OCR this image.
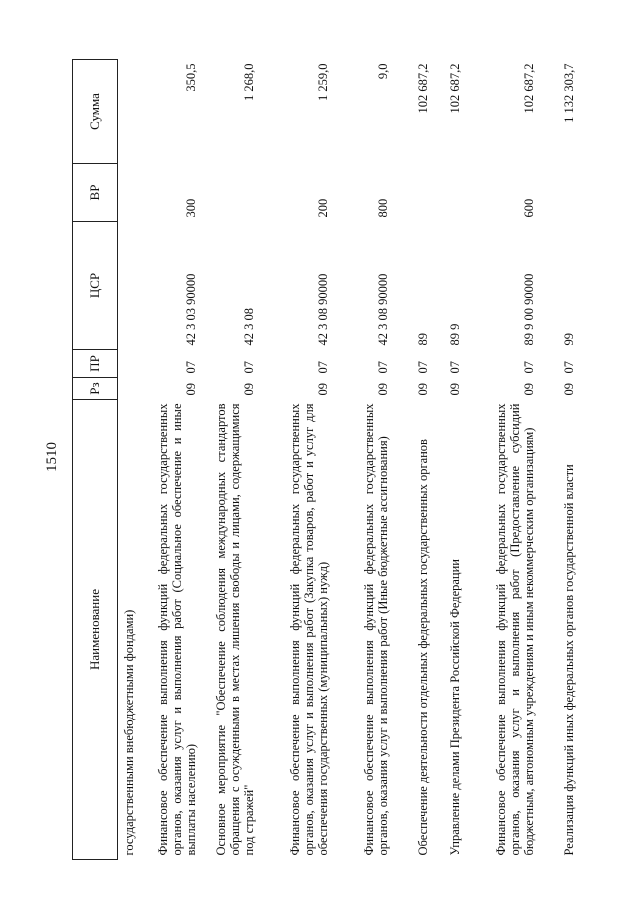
1510
Наименование	Рз	ПР	ЦСР	ВР	Сумма
государственными внебюджетными фондами)					
Финансовое обеспечение выполнения функций федеральных государственных органов, оказания услуг и выполнения работ (Социальное обеспечение и иные выплаты населению)	09	07	42 3 03 90000	300	350,5
Основное мероприятие "Обеспечение соблюдения международных стандартов обращения с осужденными в местах лишения свободы и лицами, содержащимися под стражей"	09	07	42 3 08		1 268,0
Финансовое обеспечение выполнения функций федеральных государственных органов, оказания услуг и выполнения работ (Закупка товаров, работ и услуг для обеспечения государственных (муниципальных) нужд)	09	07	42 3 08 90000	200	1 259,0
Финансовое обеспечение выполнения функций федеральных государственных органов, оказания услуг и выполнения работ (Иные бюджетные ассигнования)	09	07	42 3 08 90000	800	9,0
Обеспечение деятельности отдельных федеральных государственных органов	09	07	89		102 687,2
Управление делами Президента Российской Федерации	09	07	89 9		102 687,2
Финансовое обеспечение выполнения функций федеральных государственных органов, оказания услуг и выполнения работ (Предоставление субсидий бюджетным, автономным учреждениям и иным некоммерческим организациям)	09	07	89 9 00 90000	600	102 687,2
Реализация функций иных федеральных органов государственной власти	09	07	99		1 132 303,7
